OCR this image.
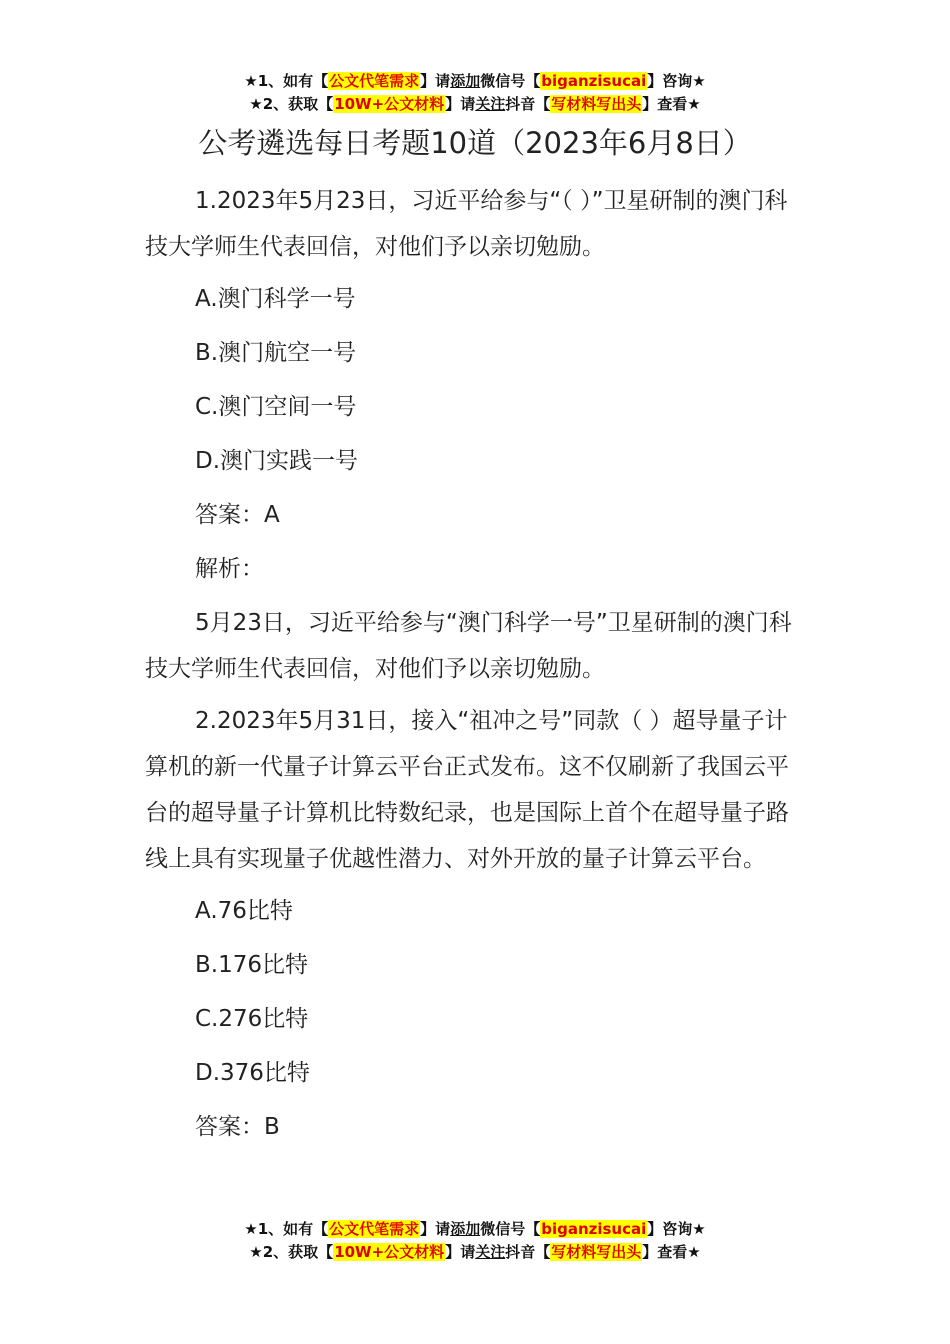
★1、如有【公文代笔需求】请添加微信号【biganzisucai】咨询★
★2、获取【10W+公文材料】请关注抖音【写材料写出头】查看★
公考遴选每日考题10道（2023年6月8日）

1.2023年5月23日，习近平给参与“（ ）”卫星研制的澳门科技大学师生代表回信，对他们予以亲切勉励。

A.澳门科学一号
B.澳门航空一号
C.澳门空间一号
D.澳门实践一号
答案：A
解析：

5月23日，习近平给参与“澳门科学一号”卫星研制的澳门科技大学师生代表回信，对他们予以亲切勉励。

2.2023年5月31日，接入“祖冲之号”同款（ ）超导量子计算机的新一代量子计算云平台正式发布。这不仅刷新了我国云平台的超导量子计算机比特数纪录，也是国际上首个在超导量子路线上具有实现量子优越性潜力、对外开放的量子计算云平台。

A.76比特
B.176比特
C.276比特
D.376比特
答案：B
★1、如有【公文代笔需求】请添加微信号【biganzisucai】咨询★
★2、获取【10W+公文材料】请关注抖音【写材料写出头】查看★
